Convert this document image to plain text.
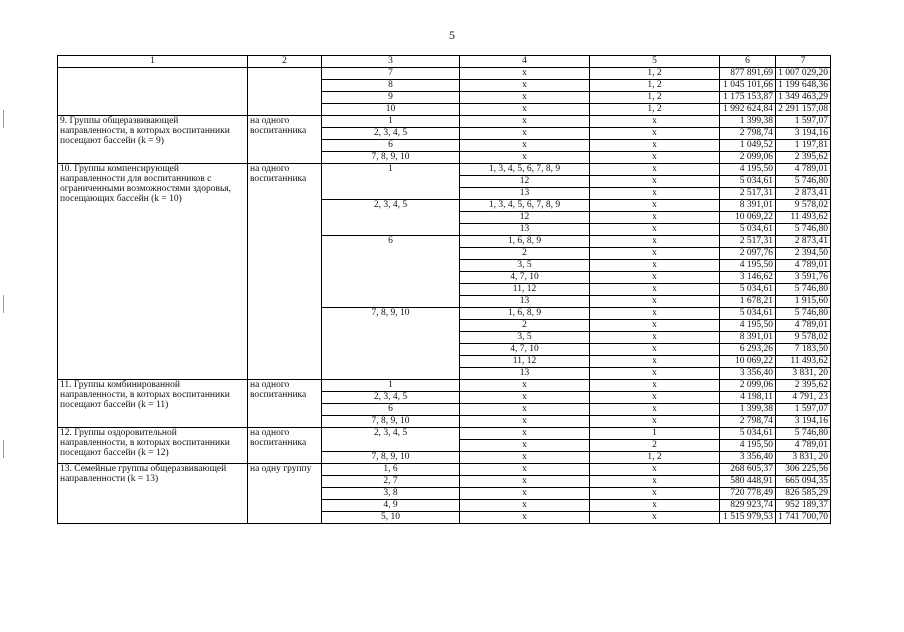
5
1	2	3	4	5	6	7
		7	x	1, 2	877 891,69	1 007 029,20
		8	x	1, 2	1 045 101,66	1 199 648,36
		9	x	1, 2	1 175 153,87	1 349 463,29
		10	x	1, 2	1 992 624,84	2 291 157,08
9. Группы общеразвивающей направленности, в которых воспитанники посещают бассейн (k = 9)	на одного воспитанника	1	x	x	1 399,38	1 597,07
		2, 3, 4, 5	x	x	2 798,74	3 194,16
		6	x	x	1 049,52	1 197,81
		7, 8, 9, 10	x	x	2 099,06	2 395,62
10. Группы компенсирующей направленности для воспитанников с ограниченными возможностями здоровья, посещающих бассейн (k = 10)	на одного воспитанника	1	1, 3, 4, 5, 6, 7, 8, 9	x	4 195,50	4 789,01
			12	x	5 034,61	5 746,80
			13	x	2 517,31	2 873,41
		2, 3, 4, 5	1, 3, 4, 5, 6, 7, 8, 9	x	8 391,01	9 578,02
			12	x	10 069,22	11 493,62
			13	x	5 034,61	5 746,80
		6	1, 6, 8, 9	x	2 517,31	2 873,41
			2	x	2 097,76	2 394,50
			3, 5	x	4 195,50	4 789,01
			4, 7, 10	x	3 146,62	3 591,76
			11, 12	x	5 034,61	5 746,80
			13	x	1 678,21	1 915,60
		7, 8, 9, 10	1, 6, 8, 9	x	5 034,61	5 746,80
			2	x	4 195,50	4 789,01
			3, 5	x	8 391,01	9 578,02
			4, 7, 10	x	6 293,26	7 183,50
			11, 12	x	10 069,22	11 493,62
			13	x	3 356,40	3 831, 20
11. Группы комбинированной направленности, в которых воспитанники посещают бассейн (k = 11)	на одного воспитанника	1	x	x	2 099,06	2 395,62
		2, 3, 4, 5	x	x	4 198,11	4 791, 23
		6	x	x	1 399,38	1 597,07
		7, 8, 9, 10	x	x	2 798,74	3 194,16
12. Группы оздоровительной направленности, в которых воспитанники посещают бассейн (k = 12)	на одного воспитанника	2, 3, 4, 5	x	1	5 034,61	5 746,80
			x	2	4 195,50	4 789,01
		7, 8, 9, 10	x	1, 2	3 356,40	3 831, 20
13. Семейные группы общеразвивающей направленности (k = 13)	на одну группу	1, 6	x	x	268 605,37	306 225,56
		2, 7	x	x	580 448,91	665 094,35
		3, 8	x	x	720 778,49	826 585,29
		4, 9	x	x	829 923,74	952 189,37
		5, 10	x	x	1 515 979,53	1 741 700,70
